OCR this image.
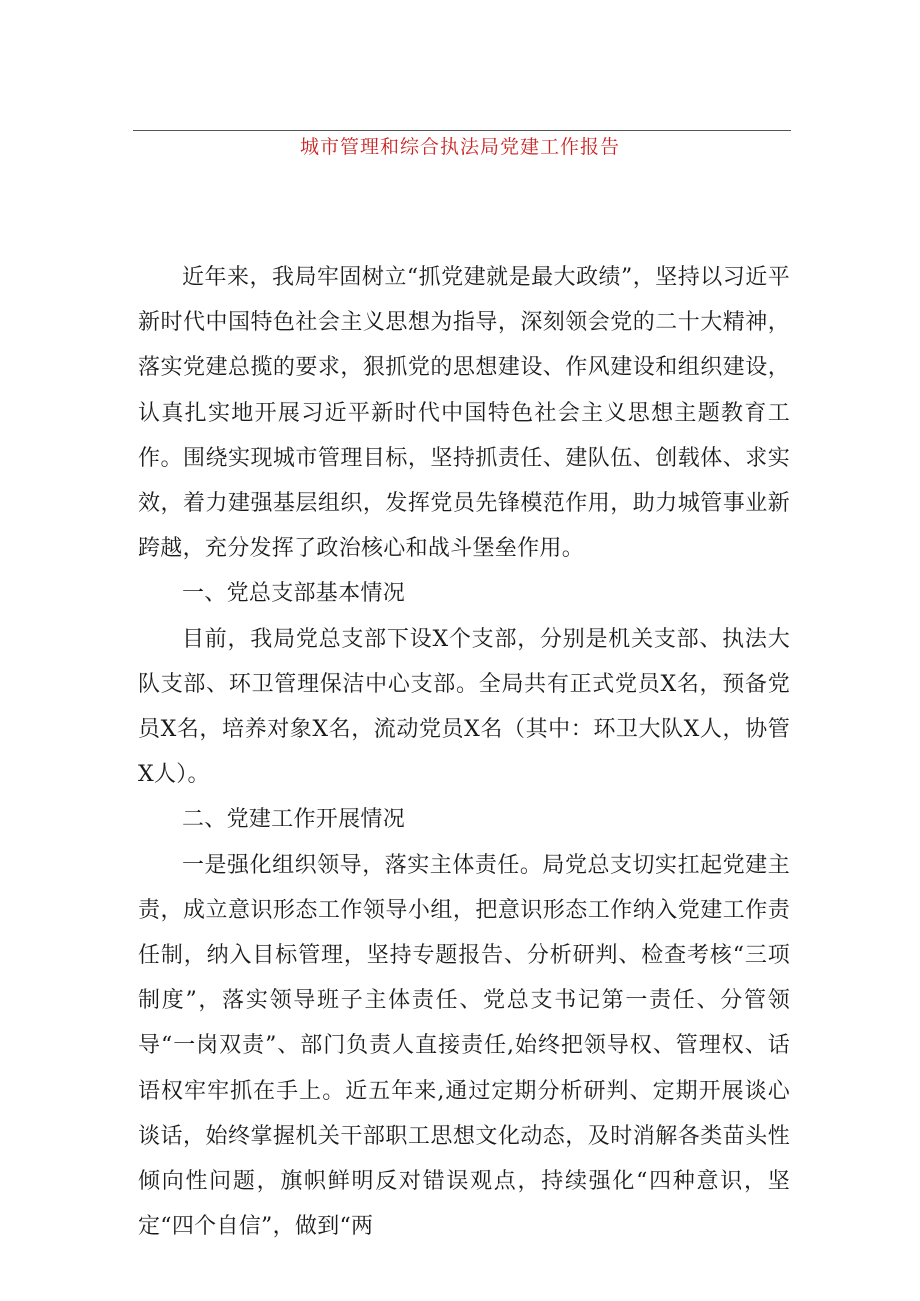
城市管理和综合执法局党建工作报告

近年来，我局牢固树立“抓党建就是最大政绩”，坚持以习近平新时代中国特色社会主义思想为指导，深刻领会党的二十大精神，落实党建总揽的要求，狠抓党的思想建设、作风建设和组织建设，认真扎实地开展习近平新时代中国特色社会主义思想主题教育工作。围绕实现城市管理目标，坚持抓责任、建队伍、创载体、求实效，着力建强基层组织，发挥党员先锋模范作用，助力城管事业新跨越，充分发挥了政治核心和战斗堡垒作用。

一、党总支部基本情况

目前，我局党总支部下设X个支部，分别是机关支部、执法大队支部、环卫管理保洁中心支部。全局共有正式党员X名，预备党员X名，培养对象X名，流动党员X名（其中：环卫大队X人，协管X人）。

二、党建工作开展情况

一是强化组织领导，落实主体责任。局党总支切实扛起党建主责，成立意识形态工作领导小组，把意识形态工作纳入党建工作责任制，纳入目标管理，坚持专题报告、分析研判、检查考核“三项制度”，落实领导班子主体责任、党总支书记第一责任、分管领导“一岗双责”、部门负责人直接责任,始终把领导权、管理权、话语权牢牢抓在手上。近五年来,通过定期分析研判、定期开展谈心谈话，始终掌握机关干部职工思想文化动态，及时消解各类苗头性倾向性问题，旗帜鲜明反对错误观点，持续强化“四种意识，坚定“四个自信”，做到“两
